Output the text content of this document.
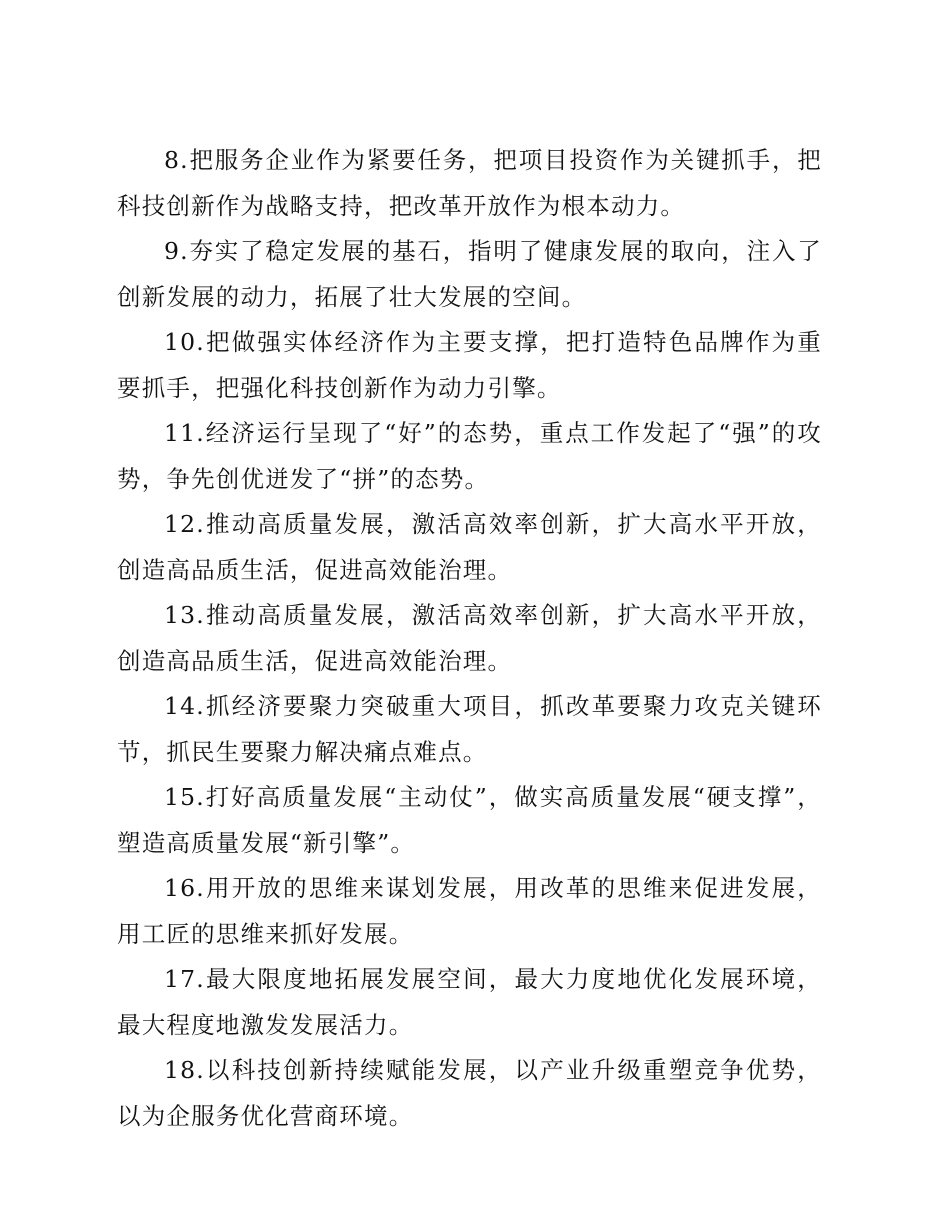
8.把服务企业作为紧要任务，把项目投资作为关键抓手，把科技创新作为战略支持，把改革开放作为根本动力。

9.夯实了稳定发展的基石，指明了健康发展的取向，注入了创新发展的动力，拓展了壮大发展的空间。

10.把做强实体经济作为主要支撑，把打造特色品牌作为重要抓手，把强化科技创新作为动力引擎。

11.经济运行呈现了“好”的态势，重点工作发起了“强”的攻势，争先创优迸发了“拼”的态势。

12.推动高质量发展，激活高效率创新，扩大高水平开放，创造高品质生活，促进高效能治理。

13.推动高质量发展，激活高效率创新，扩大高水平开放，创造高品质生活，促进高效能治理。

14.抓经济要聚力突破重大项目，抓改革要聚力攻克关键环节，抓民生要聚力解决痛点难点。

15.打好高质量发展“主动仗”，做实高质量发展“硬支撑”，塑造高质量发展“新引擎”。

16.用开放的思维来谋划发展，用改革的思维来促进发展，用工匠的思维来抓好发展。

17.最大限度地拓展发展空间，最大力度地优化发展环境，最大程度地激发发展活力。

18.以科技创新持续赋能发展，以产业升级重塑竞争优势，以为企服务优化营商环境。
